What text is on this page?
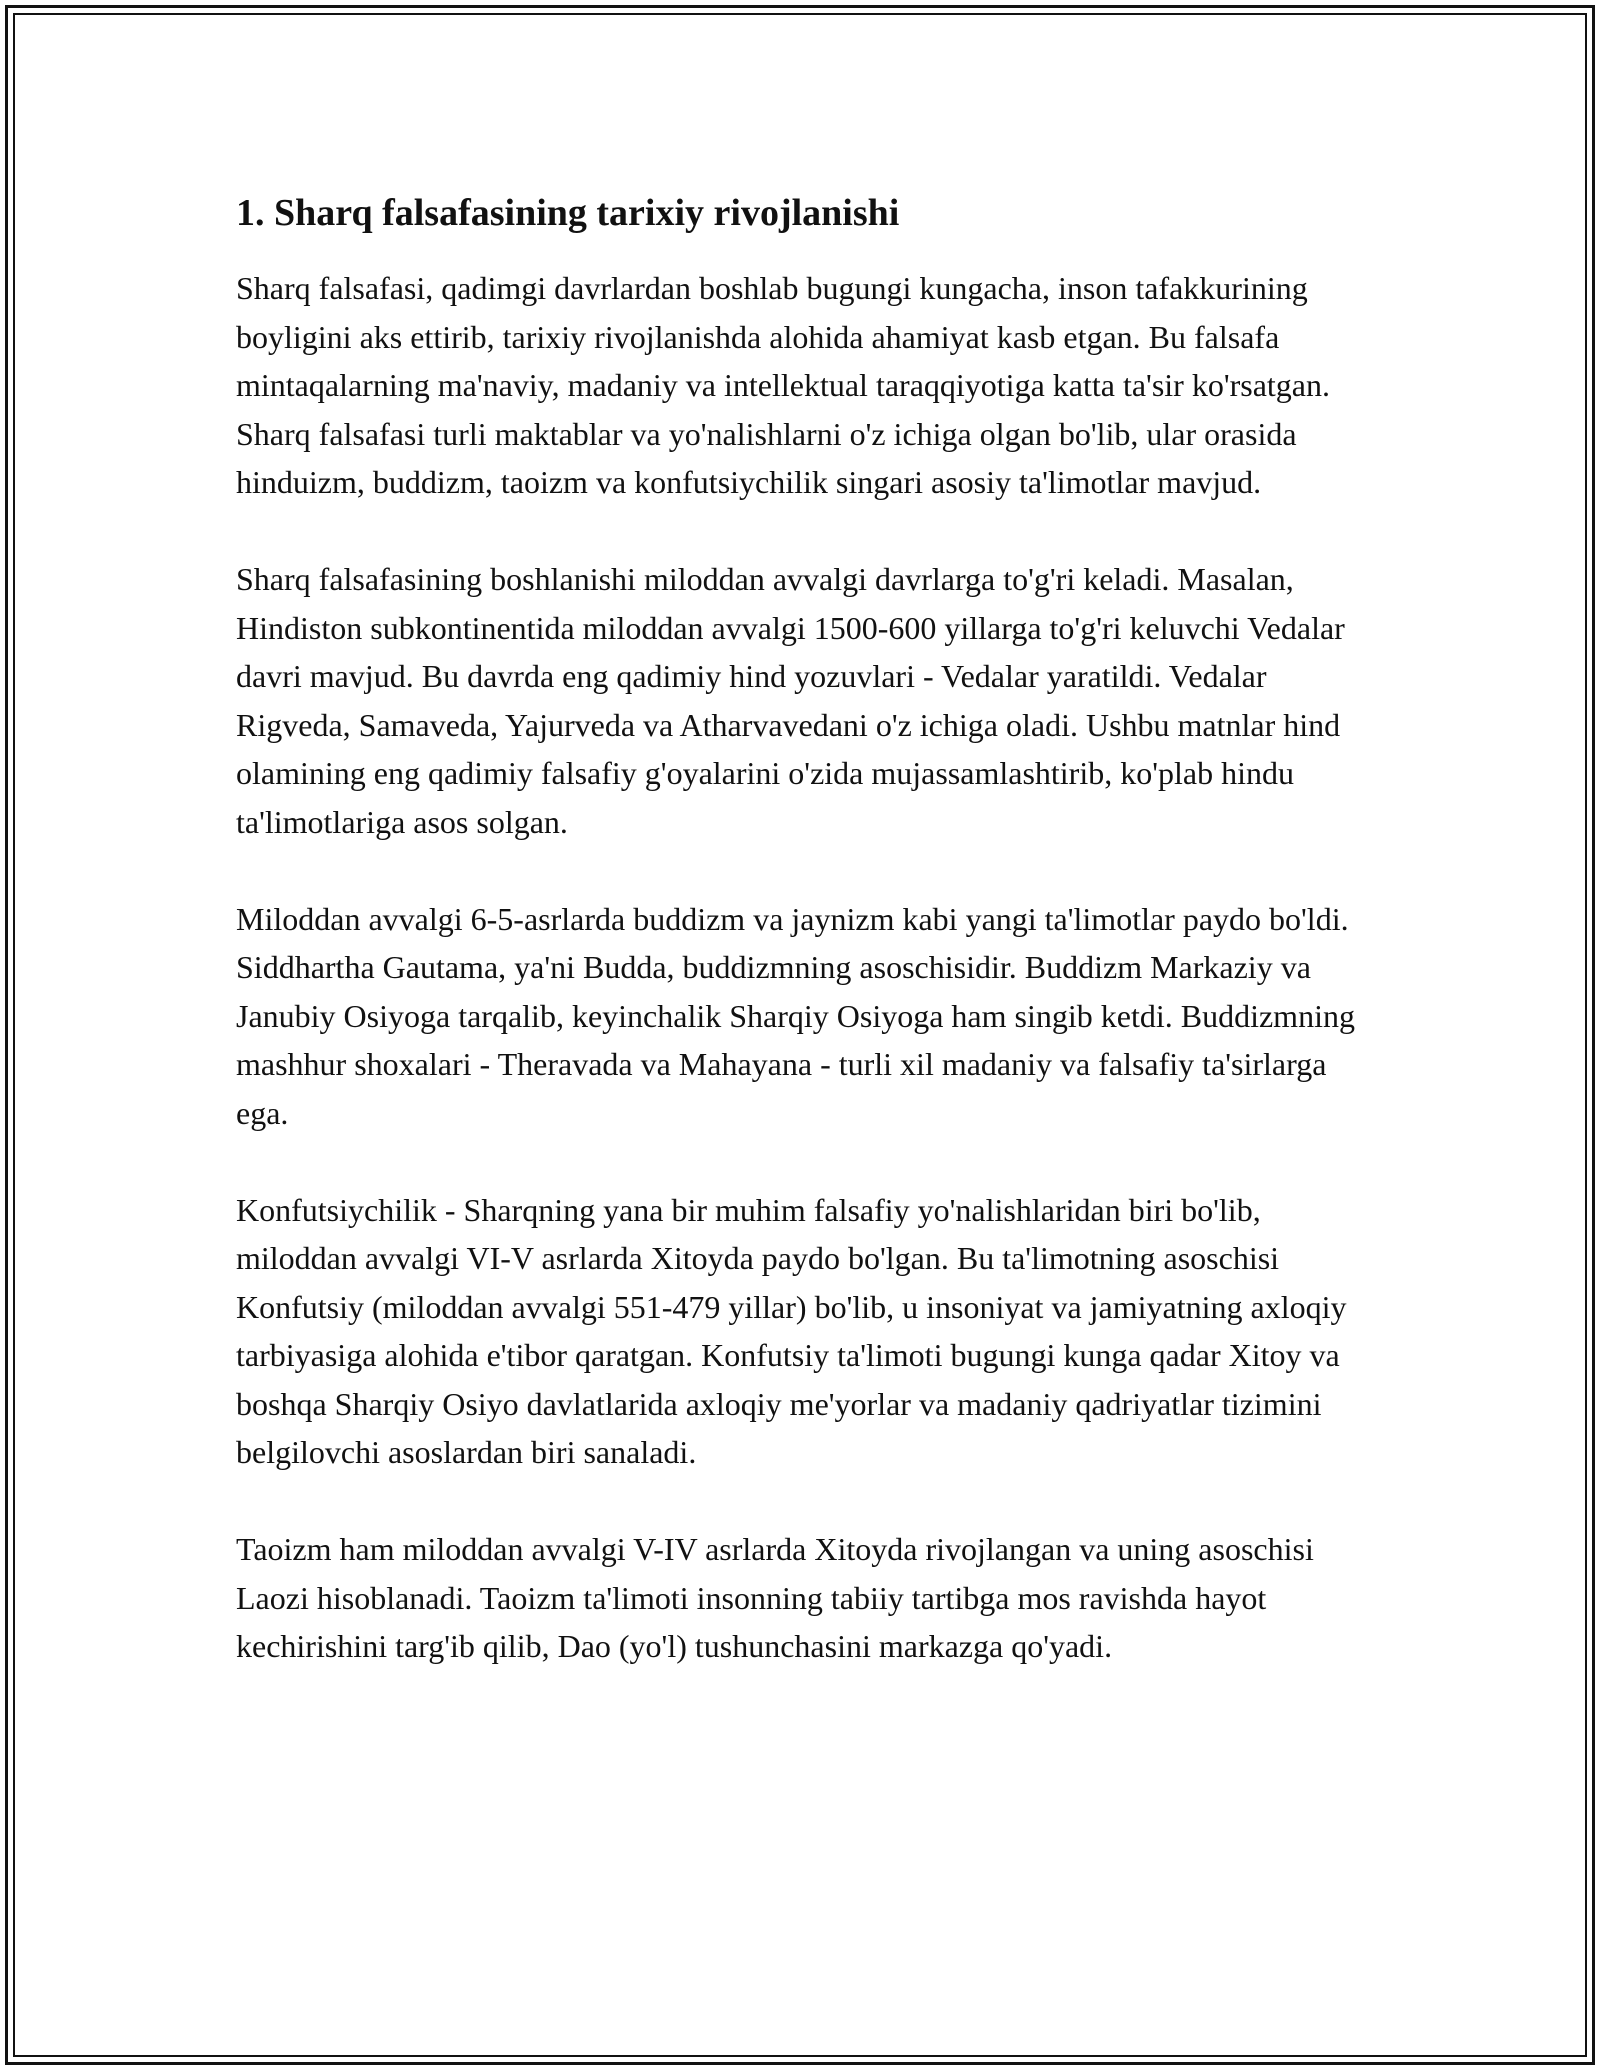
1. Sharq falsafasining tarixiy rivojlanishi

Sharq falsafasi, qadimgi davrlardan boshlab bugungi kungacha, inson tafakkurining boyligini aks ettirib, tarixiy rivojlanishda alohida ahamiyat kasb etgan. Bu falsafa mintaqalarning ma'naviy, madaniy va intellektual taraqqiyotiga katta ta'sir ko'rsatgan. Sharq falsafasi turli maktablar va yo'nalishlarni o'z ichiga olgan bo'lib, ular orasida hinduizm, buddizm, taoizm va konfutsiychilik singari asosiy ta'limotlar mavjud.

Sharq falsafasining boshlanishi miloddan avvalgi davrlarga to'g'ri keladi. Masalan, Hindiston subkontinentida miloddan avvalgi 1500-600 yillarga to'g'ri keluvchi Vedalar davri mavjud. Bu davrda eng qadimiy hind yozuvlari - Vedalar yaratildi. Vedalar Rigveda, Samaveda, Yajurveda va Atharvavedani o'z ichiga oladi. Ushbu matnlar hind olamining eng qadimiy falsafiy g'oyalarini o'zida mujassamlashtirib, ko'plab hindu ta'limotlariga asos solgan.

Miloddan avvalgi 6-5-asrlarda buddizm va jaynizm kabi yangi ta'limotlar paydo bo'ldi. Siddhartha Gautama, ya'ni Budda, buddizmning asoschisidir. Buddizm Markaziy va Janubiy Osiyoga tarqalib, keyinchalik Sharqiy Osiyoga ham singib ketdi. Buddizmning mashhur shoxalari - Theravada va Mahayana - turli xil madaniy va falsafiy ta'sirlarga ega.

Konfutsiychilik - Sharqning yana bir muhim falsafiy yo'nalishlaridan biri bo'lib, miloddan avvalgi VI-V asrlarda Xitoyda paydo bo'lgan. Bu ta'limotning asoschisi Konfutsiy (miloddan avvalgi 551-479 yillar) bo'lib, u insoniyat va jamiyatning axloqiy tarbiyasiga alohida e'tibor qaratgan. Konfutsiy ta'limoti bugungi kunga qadar Xitoy va boshqa Sharqiy Osiyo davlatlarida axloqiy me'yorlar va madaniy qadriyatlar tizimini belgilovchi asoslardan biri sanaladi.

Taoizm ham miloddan avvalgi V-IV asrlarda Xitoyda rivojlangan va uning asoschisi Laozi hisoblanadi. Taoizm ta'limoti insonning tabiiy tartibga mos ravishda hayot kechirishini targ'ib qilib, Dao (yo'l) tushunchasini markazga qo'yadi.
